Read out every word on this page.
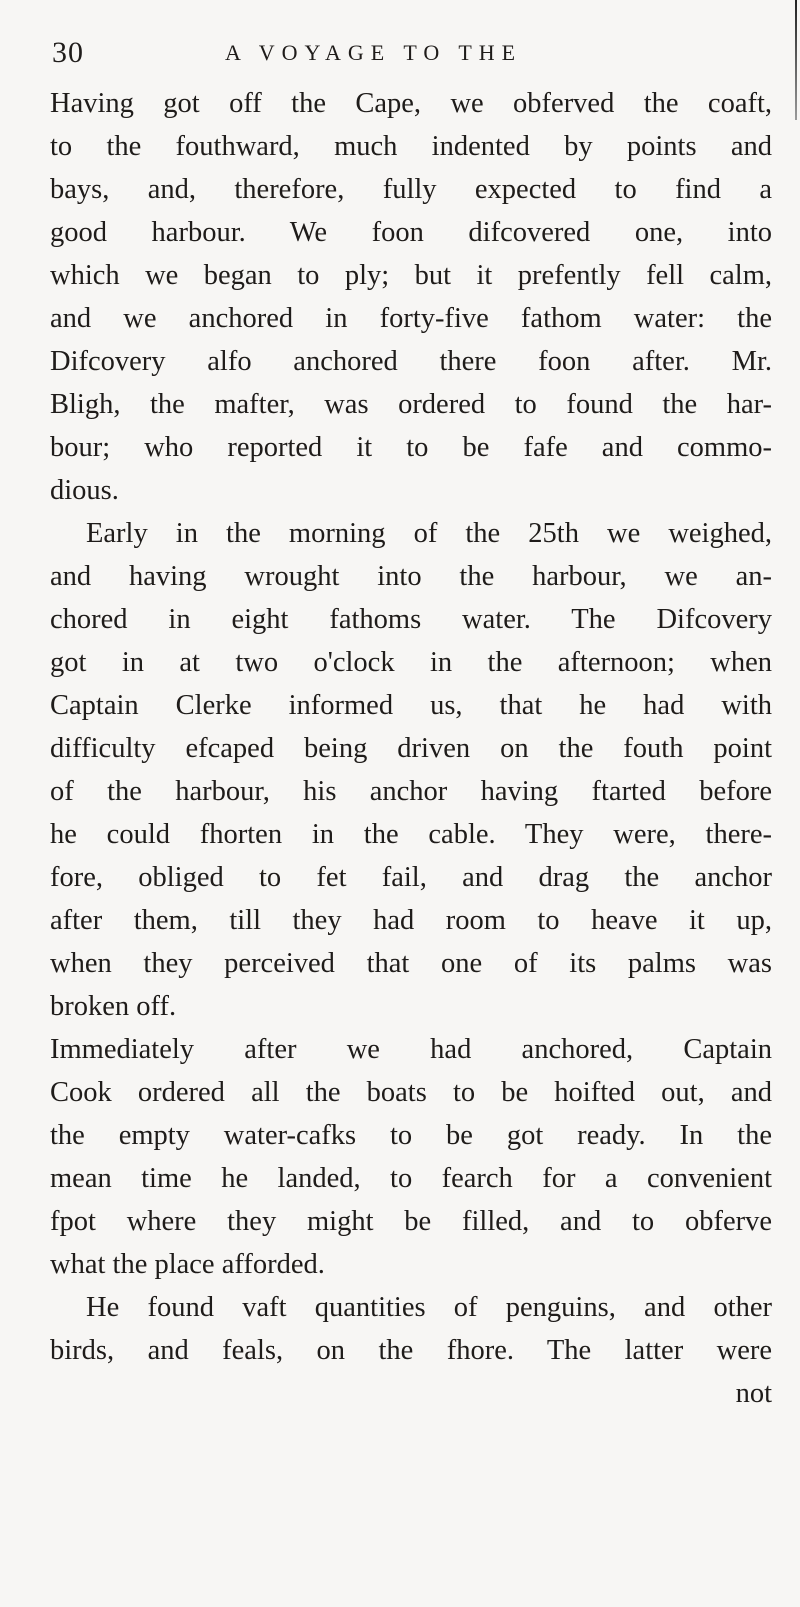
30	A VOYAGE TO THE
Having got off the Cape, we obferved the coaft,
to the fouthward, much indented by points and
bays, and, therefore, fully expected to find a
good harbour. We foon difcovered one, into
which we began to ply; but it prefently fell calm,
and we anchored in forty-five fathom water: the
Difcovery alfo anchored there foon after. Mr.
Bligh, the mafter, was ordered to found the har-
bour; who reported it to be fafe and commo-
dious.
Early in the morning of the 25th we weighed,
and having wrought into the harbour, we an-
chored in eight fathoms water. The Difcovery
got in at two o'clock in the afternoon; when
Captain Clerke informed us, that he had with
difficulty efcaped being driven on the fouth point
of the harbour, his anchor having ftarted before
he could fhorten in the cable. They were, there-
fore, obliged to fet fail, and drag the anchor
after them, till they had room to heave it up,
when they perceived that one of its palms was
broken off.
Immediately after we had anchored, Captain
Cook ordered all the boats to be hoifted out, and
the empty water-cafks to be got ready. In the
mean time he landed, to fearch for a convenient
fpot where they might be filled, and to obferve
what the place afforded.
He found vaft quantities of penguins, and other
birds, and feals, on the fhore. The latter were
not
